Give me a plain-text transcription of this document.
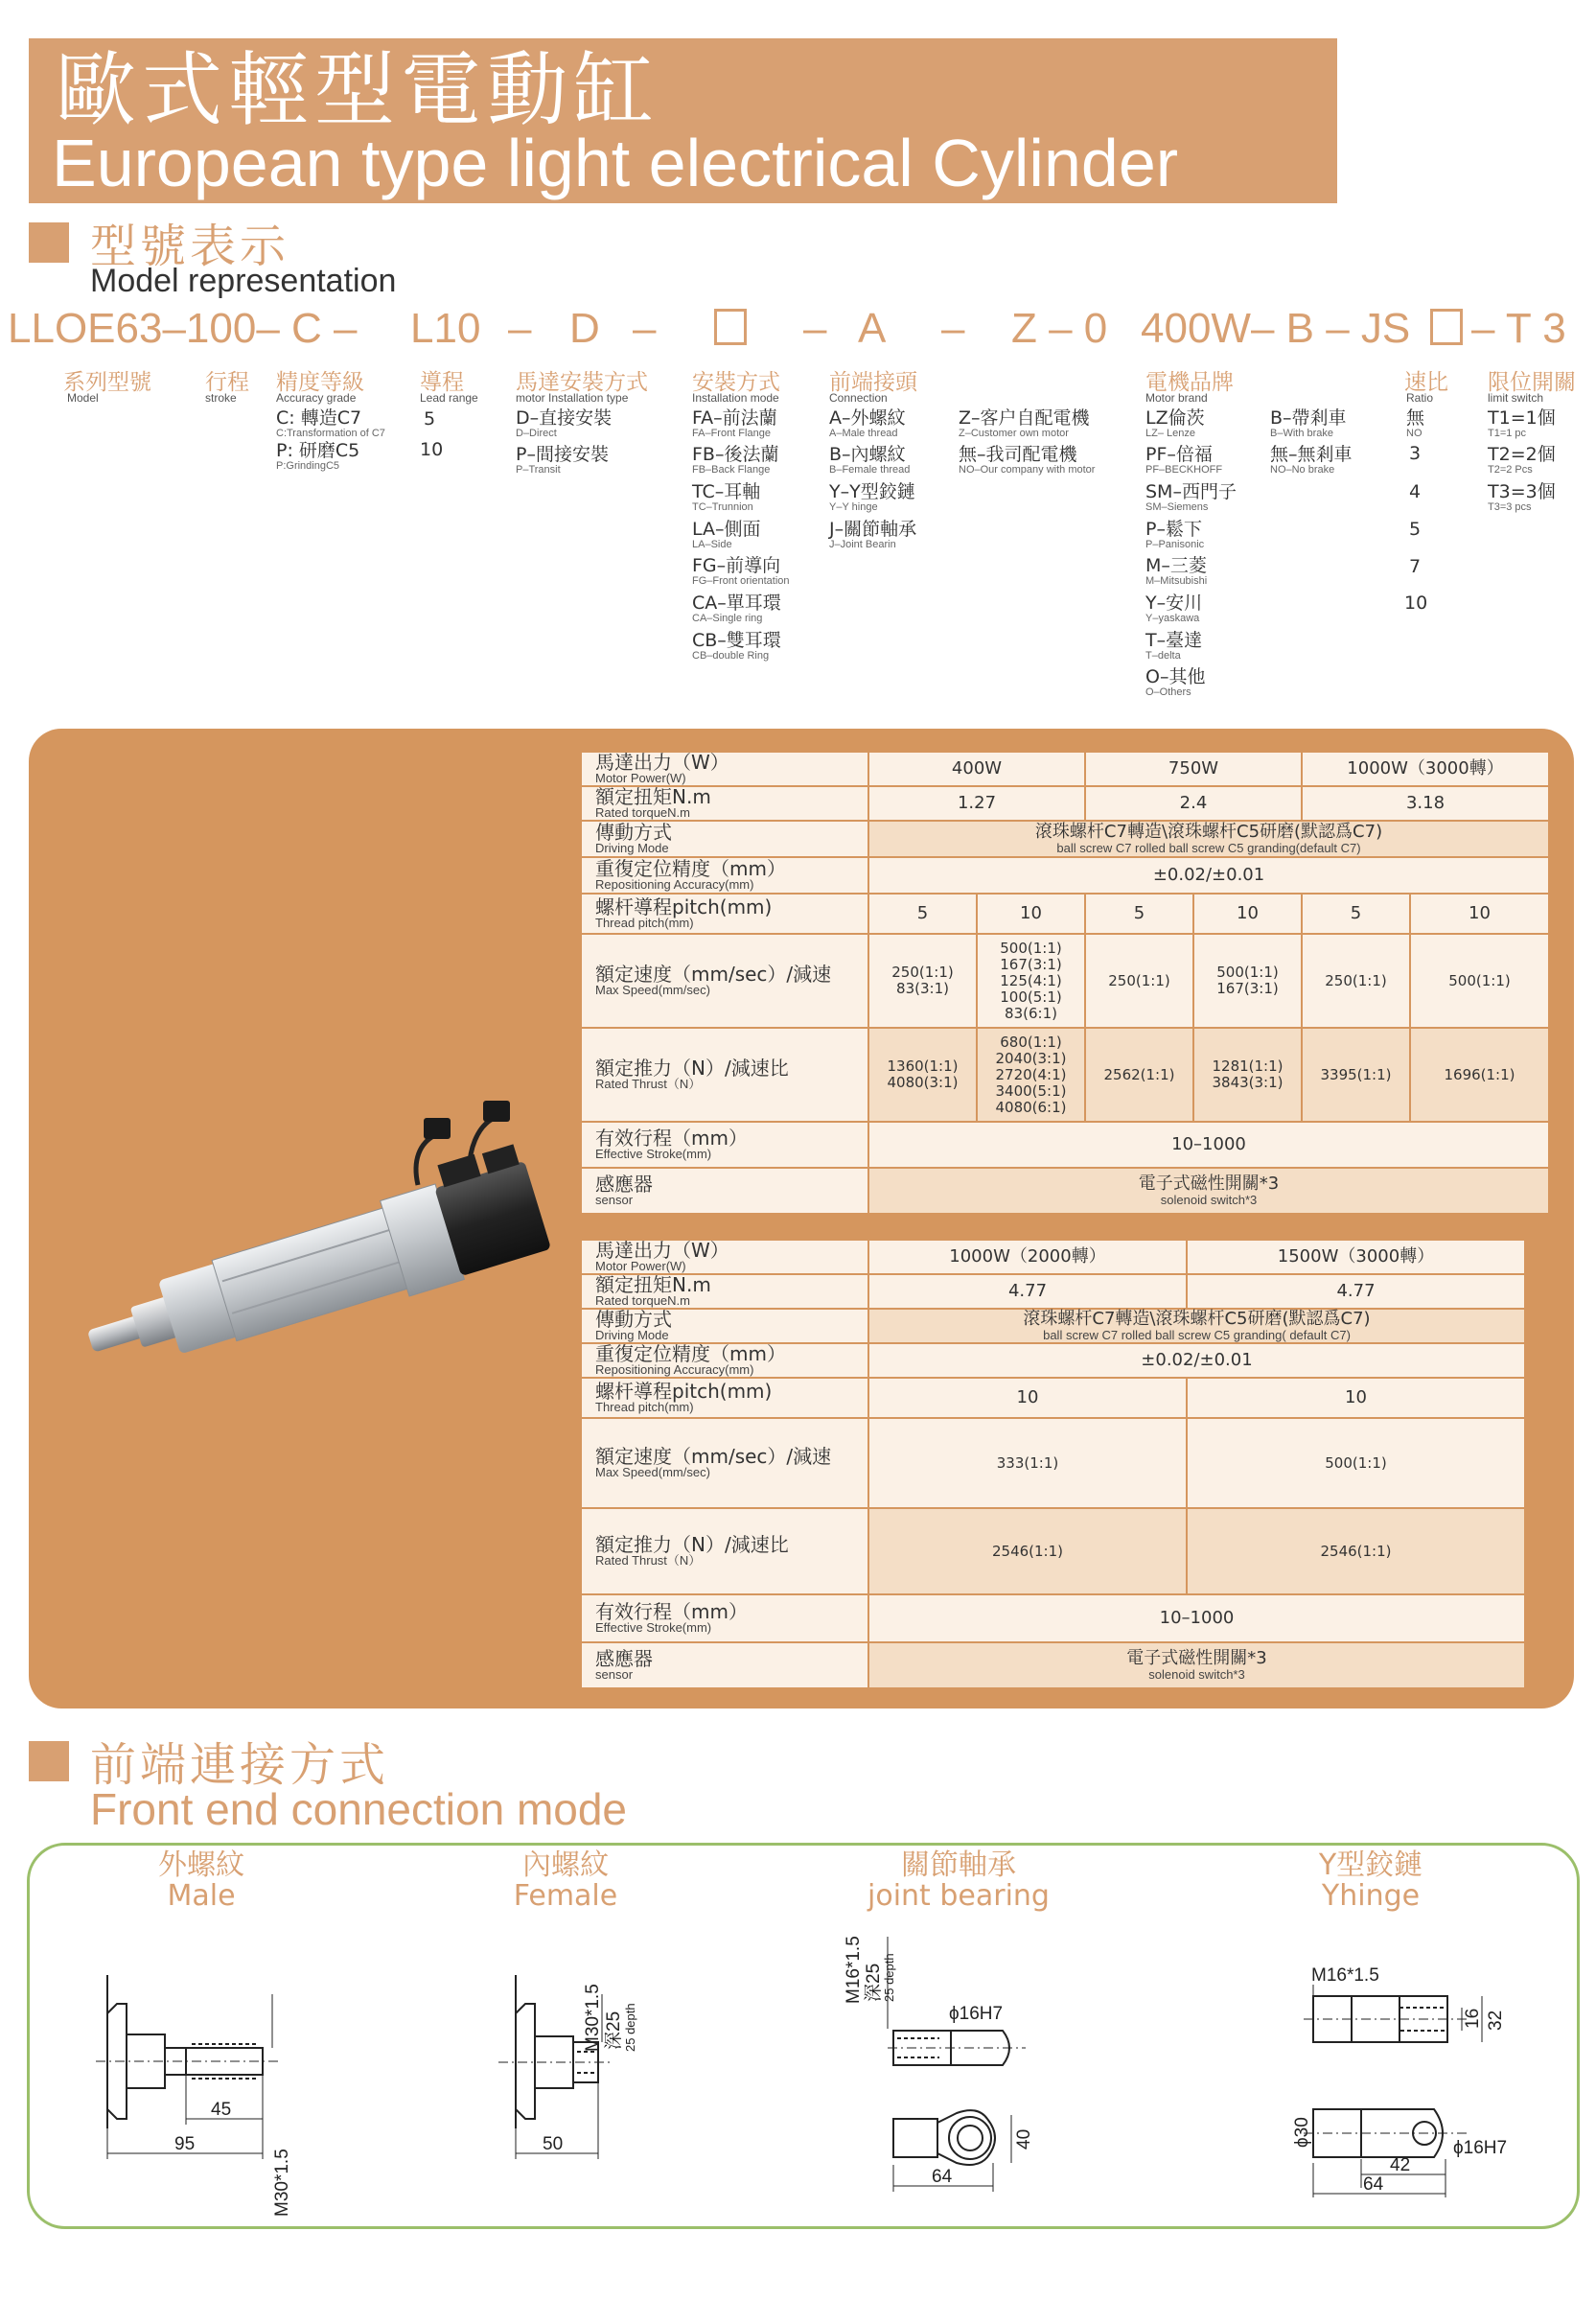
歐式輕型電動缸
European type light electrical Cylinder
型號表示
Model representation
LLOE63–100– C – L10 – D –	– A – Z – 0 400W– B – JS – T 3
系列型號
Model
行程
stroke
精度等級
Accuracy grade
C: 轉造C7
C:Transformation of C7
P: 研磨C5
P:GrindingC5
導程
Lead range
5
10
馬達安裝方式
motor Installation type
D–直接安裝
D–Direct
P–間接安裝
P–Transit
安裝方式
Installation mode
FA–前法蘭
FA–Front Flange
FB–後法蘭
FB–Back Flange
TC–耳軸
TC–Trunnion
LA–側面
LA–Side
FG–前導向
FG–Front orientation
CA–單耳環
CA–Single ring
CB–雙耳環
CB–double Ring
前端接頭
Connection
A–外螺紋
A–Male thread
B–內螺紋
B–Female thread
Y–Y型鉸鏈
Y–Y hinge
J–關節軸承
J–Joint Bearin
Z–客户自配電機
Z–Customer own motor
無–我司配電機
NO–Our company with motor
電機品牌
Motor brand
LZ倫茨
LZ– Lenze
PF–倍福
PF–BECKHOFF
SM–西門子
SM–Siemens
P–鬆下
P–Panisonic
M–三菱
M–Mitsubishi
Y–安川
Y–yaskawa
T–臺達
T–delta
O–其他
O–Others
B–帶剎車
B–With brake
無–無剎車
NO–No brake
速比
Ratio
無
NO
3
4
5
7
10
限位開關
limit switch
T1=1個
T1=1 pc
T2=2個
T2=2 Pcs
T3=3個
T3=3 pcs
馬達出力（W）
Motor Power(W)	400W		750W		1000W（3000轉）	

額定扭矩N.m
Rated torqueN.m	1.27		2.4		3.18	

傳動方式
Driving Mode	滾珠螺杆C7轉造\滾珠螺杆C5研磨(默認爲C7)
ball screw C7 rolled ball screw C5 granding(default C7)					

重復定位精度（mm）
Repositioning Accuracy(mm)	±0.02/±0.01					

螺杆導程pitch(mm)
Thread pitch(mm)	5	10	5	10	5	10

額定速度（mm/sec）/減速
Max Speed(mm/sec)	250(1:1)
83(3:1)	500(1:1)
167(3:1)
125(4:1)
100(5:1)
83(6:1)	250(1:1)	500(1:1)
167(3:1)	250(1:1)	500(1:1)

額定推力（N）/減速比
Rated Thrust（N）	1360(1:1)
4080(3:1)	680(1:1)
2040(3:1)
2720(4:1)
3400(5:1)
4080(6:1)	2562(1:1)	1281(1:1)
3843(3:1)	3395(1:1)	1696(1:1)

有效行程（mm）
Effective Stroke(mm)	10–1000					

感應器
sensor	電子式磁性開關*3
solenoid switch*3					
馬達出力（W）
Motor Power(W)	1000W（2000轉）	1500W（3000轉）

額定扭矩N.m
Rated torqueN.m	4.77	4.77

傳動方式
Driving Mode	滾珠螺杆C7轉造\滾珠螺杆C5研磨(默認爲C7)
ball screw C7 rolled ball screw C5 granding( default C7)	

重復定位精度（mm）
Repositioning Accuracy(mm)	±0.02/±0.01	

螺杆導程pitch(mm)
Thread pitch(mm)	10	10

額定速度（mm/sec）/減速
Max Speed(mm/sec)	333(1:1)	500(1:1)

額定推力（N）/減速比
Rated Thrust（N）	2546(1:1)	2546(1:1)

有效行程（mm）
Effective Stroke(mm)	10–1000	

感應器
sensor	電子式磁性開關*3
solenoid switch*3	
前端連接方式
Front end connection mode
外螺紋
Male
內螺紋
Female
關節軸承
joint bearing
Y型鉸鏈
Yhinge
M30*1.5
45
95
M30*1.5 深25 25 depth
50
M16*1.5 深25
25 depth
ϕ16H7
40
64
M16*1.5
16 32
ϕ30
ϕ16H7
42
64
